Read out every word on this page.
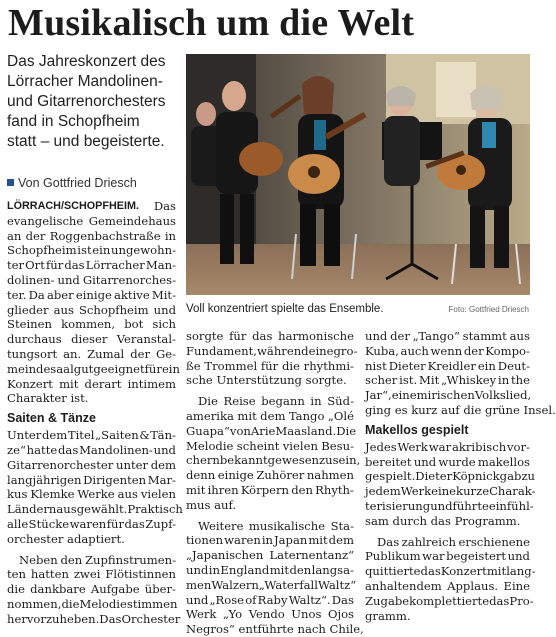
Musikalisch um die Welt
Das Jahreskonzert des
Lörracher Mandolinen-
und Gitarrenorchesters
fand in Schopfheim
statt – und begeisterte.
Von Gottfried Driesch
Voll konzentriert spielte das Ensemble.	Foto: Gottfried Driesch
LÖRRACH/SCHOPFHEIM. Das
evangelische Gemeindehaus
an der Roggenbachstraße in
Schopfheim ist ein ungewohn-
ter Ort für das Lörracher Man-
dolinen- und Gitarrenorches-
ter. Da aber einige aktive Mit-
glieder aus Schopfheim und
Steinen kommen, bot sich
durchaus dieser Veranstal-
tungsort an. Zumal der Ge-
meindesaal gut geeignet für ein
Konzert mit derart intimem
Charakter ist.
Saiten & Tänze
Unter dem Titel „Saiten & Tän-
ze“ hatte das Mandolinen- und
Gitarrenorchester unter dem
langjährigen Dirigenten Mar-
kus Klemke Werke aus vielen
Ländern ausgewählt. Praktisch
alle Stücke waren für das Zupf-
orchester adaptiert.
Neben den Zupfinstrumen-
ten hatten zwei Flötistinnen
die dankbare Aufgabe über-
nommen, die Melodiestimmen
hervorzuheben. Das Orchester
sorgte für das harmonische
Fundament, während eine gro-
ße Trommel für die rhythmi-
sche Unterstützung sorgte.
Die Reise begann in Süd-
amerika mit dem Tango „Olé
Guapa“ von Arie Maasland. Die
Melodie scheint vielen Besu-
chern bekannt gewesen zu sein,
denn einige Zuhörer nahmen
mit ihren Körpern den Rhyth-
mus auf.
Weitere musikalische Sta-
tionen waren in Japan mit dem
„Japanischen Laternentanz“
und in England mit den langsa-
men Walzern „Waterfall Waltz“
und „Rose of Raby Waltz“. Das
Werk „Yo Vendo Unos Ojos
Negros“ entführte nach Chile,
und der „Tango“ stammt aus
Kuba, auch wenn der Kompo-
nist Dieter Kreidler ein Deut-
scher ist. Mit „Whiskey in the
Jar“, einem irischen Volkslied,
ging es kurz auf die grüne Insel.
Makellos gespielt
Jedes Werk war akribisch vor-
bereitet und wurde makellos
gespielt. Dieter Köpnick gab zu
jedem Werk eine kurze Charak-
terisierung und führte einfühl-
sam durch das Programm.
Das zahlreich erschienene
Publikum war begeistert und
quittierte das Konzert mit lang-
anhaltendem Applaus. Eine
Zugabe komplettierte das Pro-
gramm.
